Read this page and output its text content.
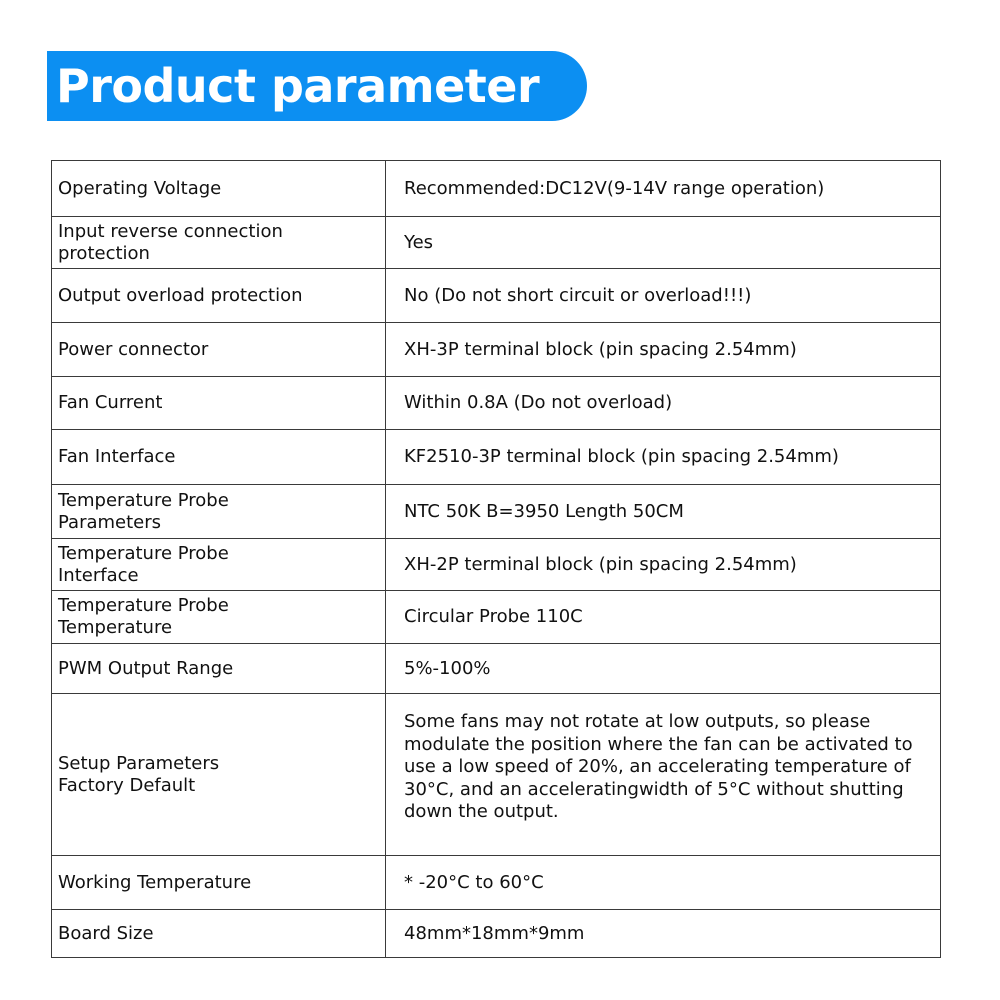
Product parameter
Operating Voltage	Recommended:DC12V(9-14V range operation)

Input reverse connection protection	Yes

Output overload protection	No (Do not short circuit or overload!!!)

Power connector	XH-3P terminal block (pin spacing 2.54mm)

Fan Current	Within 0.8A (Do not overload)

Fan Interface	KF2510-3P terminal block (pin spacing 2.54mm)

Temperature Probe Parameters	NTC 50K B=3950 Length 50CM

Temperature Probe Interface	XH-2P terminal block (pin spacing 2.54mm)

Temperature Probe Temperature	Circular Probe 110C

PWM Output Range	5%-100%

Setup Parameters Factory Default	Some fans may not rotate at low outputs, so please modulate the position where the fan can be activated to use a low speed of 20%, an accelerating temperature of 30°C, and an acceleratingwidth of 5°C without shutting down the output.

Working Temperature	* -20°C to 60°C

Board Size	48mm*18mm*9mm
